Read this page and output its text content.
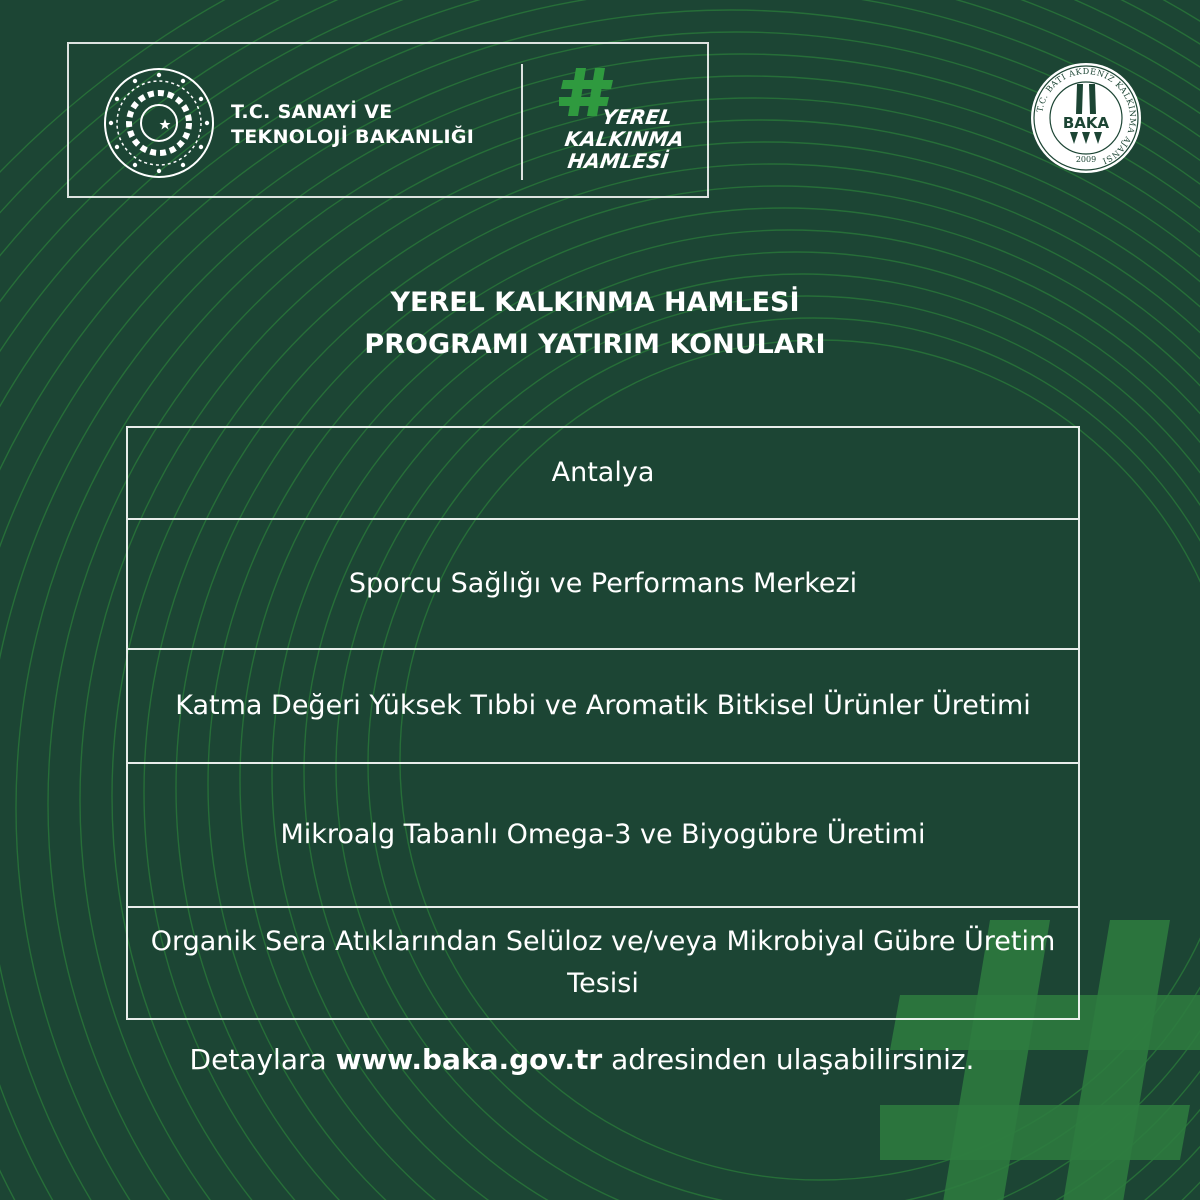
T.C. SANAYİ VE
TEKNOLOJİ BAKANLIĞI
YEREL
KALKINMA
HAMLESİ
T.C. BATI AKDENİZ KALKINMA AJANSI
BAKA
2009
YEREL KALKINMA HAMLESİ
PROGRAMI YATIRIM KONULARI
Antalya
Sporcu Sağlığı ve Performans Merkezi
Katma Değeri Yüksek Tıbbi ve Aromatik Bitkisel Ürünler Üretimi
Mikroalg Tabanlı Omega-3 ve Biyogübre Üretimi
Organik Sera Atıklarından Selüloz ve/veya Mikrobiyal Gübre Üretim Tesisi
Detaylara www.baka.gov.tr adresinden ulaşabilirsiniz.
